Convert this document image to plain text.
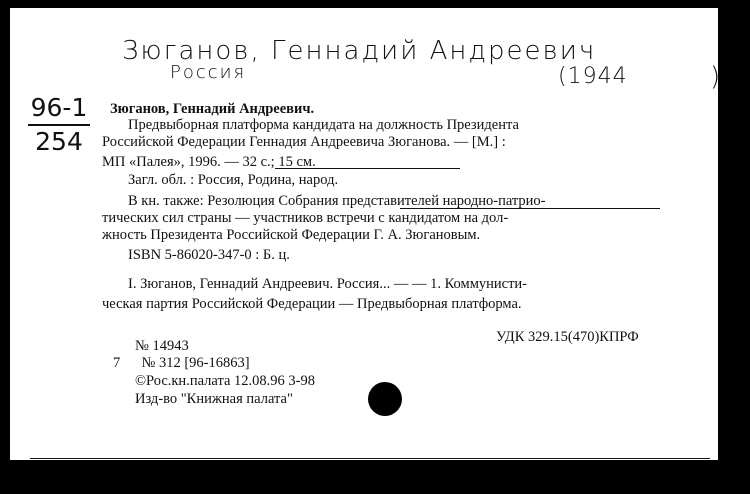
Зюганов, Геннадий Андреевич
Россия	(1944	)
96-1
254
Зюганов, Геннадий Андреевич.
Предвыборная платформа кандидата на должность Президента
Российской Федерации Геннадия Андреевича Зюганова. — [М.] :
МП «Палея», 1996. — 32 с.; 15 см.
Загл. обл. : Россия, Родина, народ.
В кн. также: Резолюция Собрания представителей народно-патрио-
тических сил страны — участников встречи с кандидатом на дол-
жность Президента Российской Федерации Г. А. Зюгановым.
ISBN 5-86020-347-0 : Б. ц.
I. Зюганов, Геннадий Андреевич. Россия... — — 1. Коммунисти-
ческая партия Российской Федерации — Предвыборная платформа.
УДК 329.15(470)КПРФ
№ 14943
7 № 312 [96-16863]
©Рос.кн.палата 12.08.96 3-98
Изд-во "Книжная палата"
